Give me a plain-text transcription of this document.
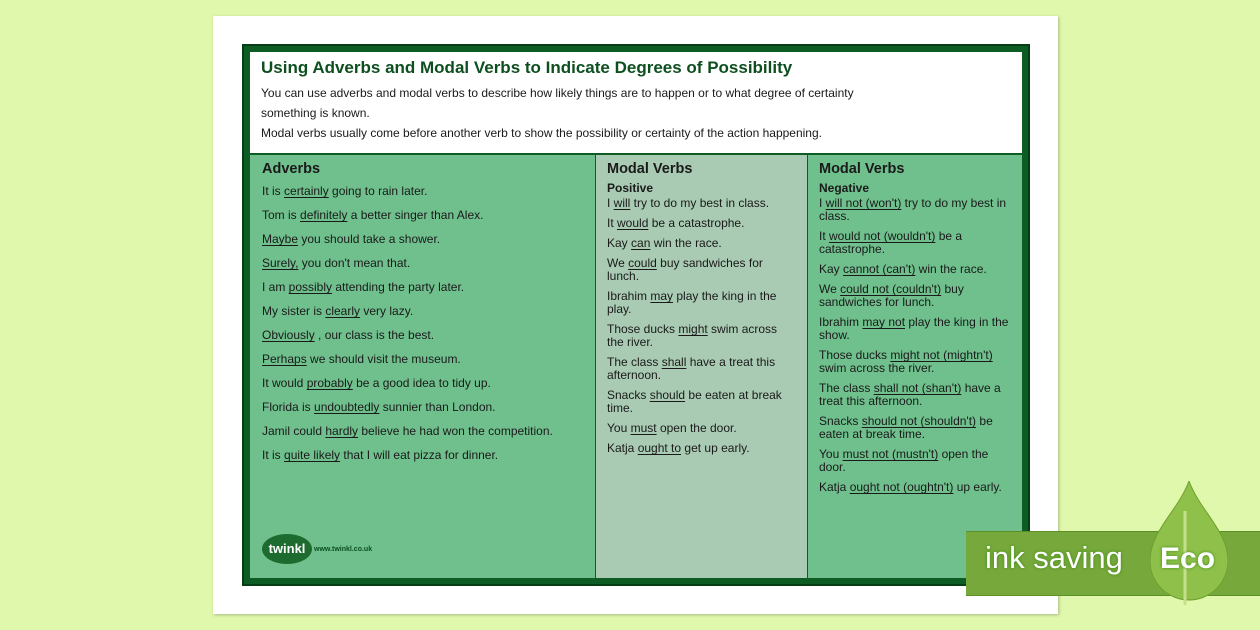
Using Adverbs and Modal Verbs to Indicate Degrees of Possibility
You can use adverbs and modal verbs to describe how likely things are to happen or to what degree of certainty
something is known.
Modal verbs usually come before another verb to show the possibility or certainty of the action happening.
Adverbs
It is certainly going to rain later.
Tom is definitely a better singer than Alex.
Maybe you should take a shower.
Surely, you don't mean that.
I am possibly attending the party later.
My sister is clearly very lazy.
Obviously , our class is the best.
Perhaps we should visit the museum.
It would probably be a good idea to tidy up.
Florida is undoubtedly sunnier than London.
Jamil could hardly believe he had won the competition.
It is quite likely that I will eat pizza for dinner.
Modal Verbs
Positive
I will try to do my best in class.
It would be a catastrophe.
Kay can win the race.
We could buy sandwiches for lunch.
Ibrahim may play the king in the play.
Those ducks might swim across the river.
The class shall have a treat this afternoon.
Snacks should be eaten at break time.
You must open the door.
Katja ought to get up early.
Modal Verbs
Negative
I will not (won't) try to do my best in class.
It would not (wouldn't) be a catastrophe.
Kay cannot (can't) win the race.
We could not (couldn't) buy sandwiches for lunch.
Ibrahim may not play the king in the show.
Those ducks might not (mightn't) swim across the river.
The class shall not (shan't) have a treat this afternoon.
Snacks should not (shouldn't) be eaten at break time.
You must not (mustn't) open the door.
Katja ought not (oughtn't) up early.
twinkl	www.twinkl.co.uk	ink saving Eco
